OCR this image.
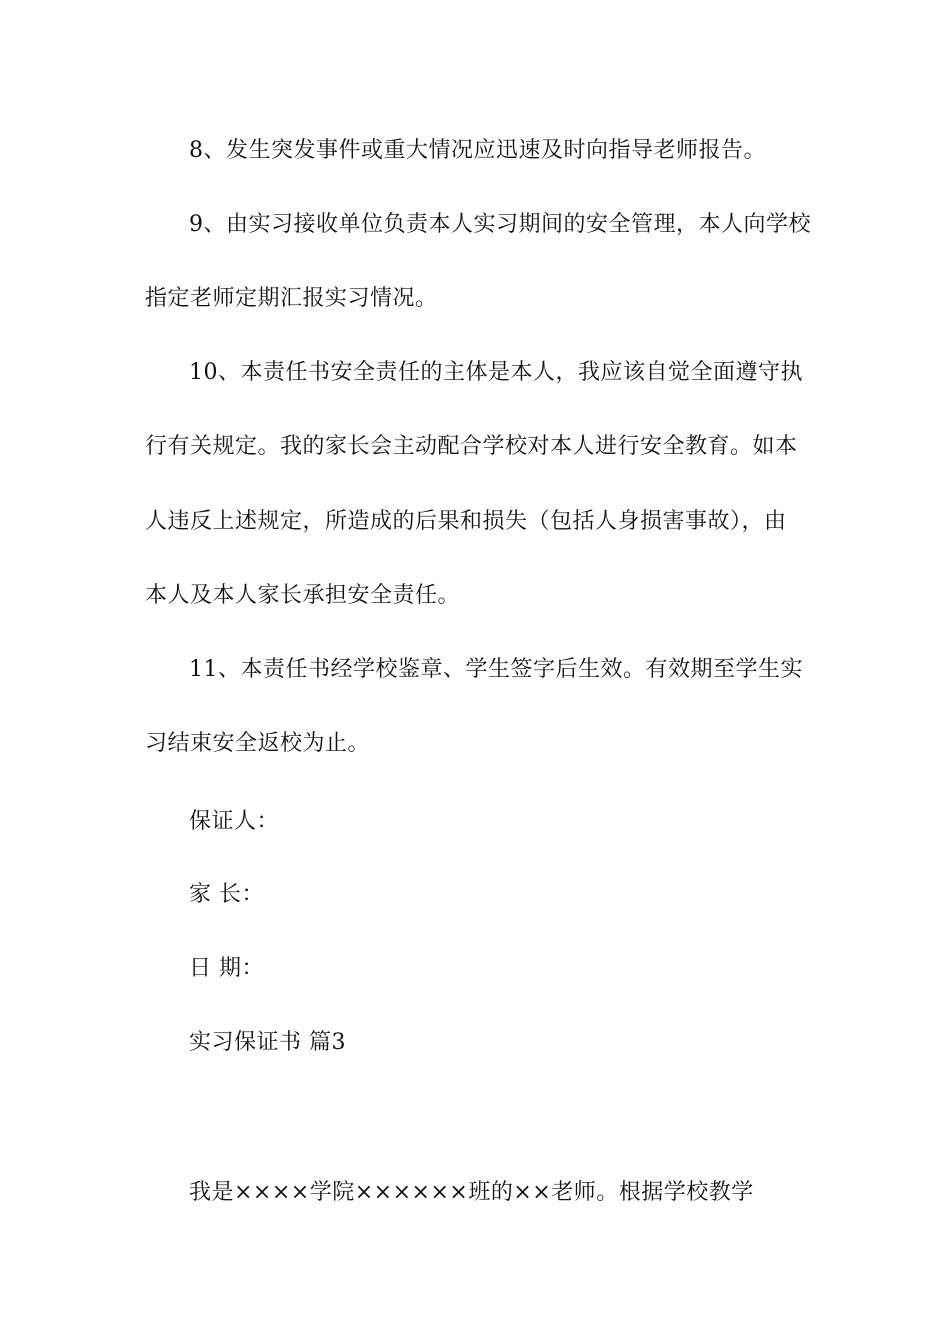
8、发生突发事件或重大情况应迅速及时向指导老师报告。
9、由实习接收单位负责本人实习期间的安全管理，本人向学校
指定老师定期汇报实习情况。
10、本责任书安全责任的主体是本人，我应该自觉全面遵守执
行有关规定。我的家长会主动配合学校对本人进行安全教育。如本
人违反上述规定，所造成的后果和损失（包括人身损害事故），由
本人及本人家长承担安全责任。
11、本责任书经学校鉴章、学生签字后生效。有效期至学生实
习结束安全返校为止。
保证人：
家 长：
日 期：
实习保证书 篇3
我是××××学院××××××班的××老师。根据学校教学
